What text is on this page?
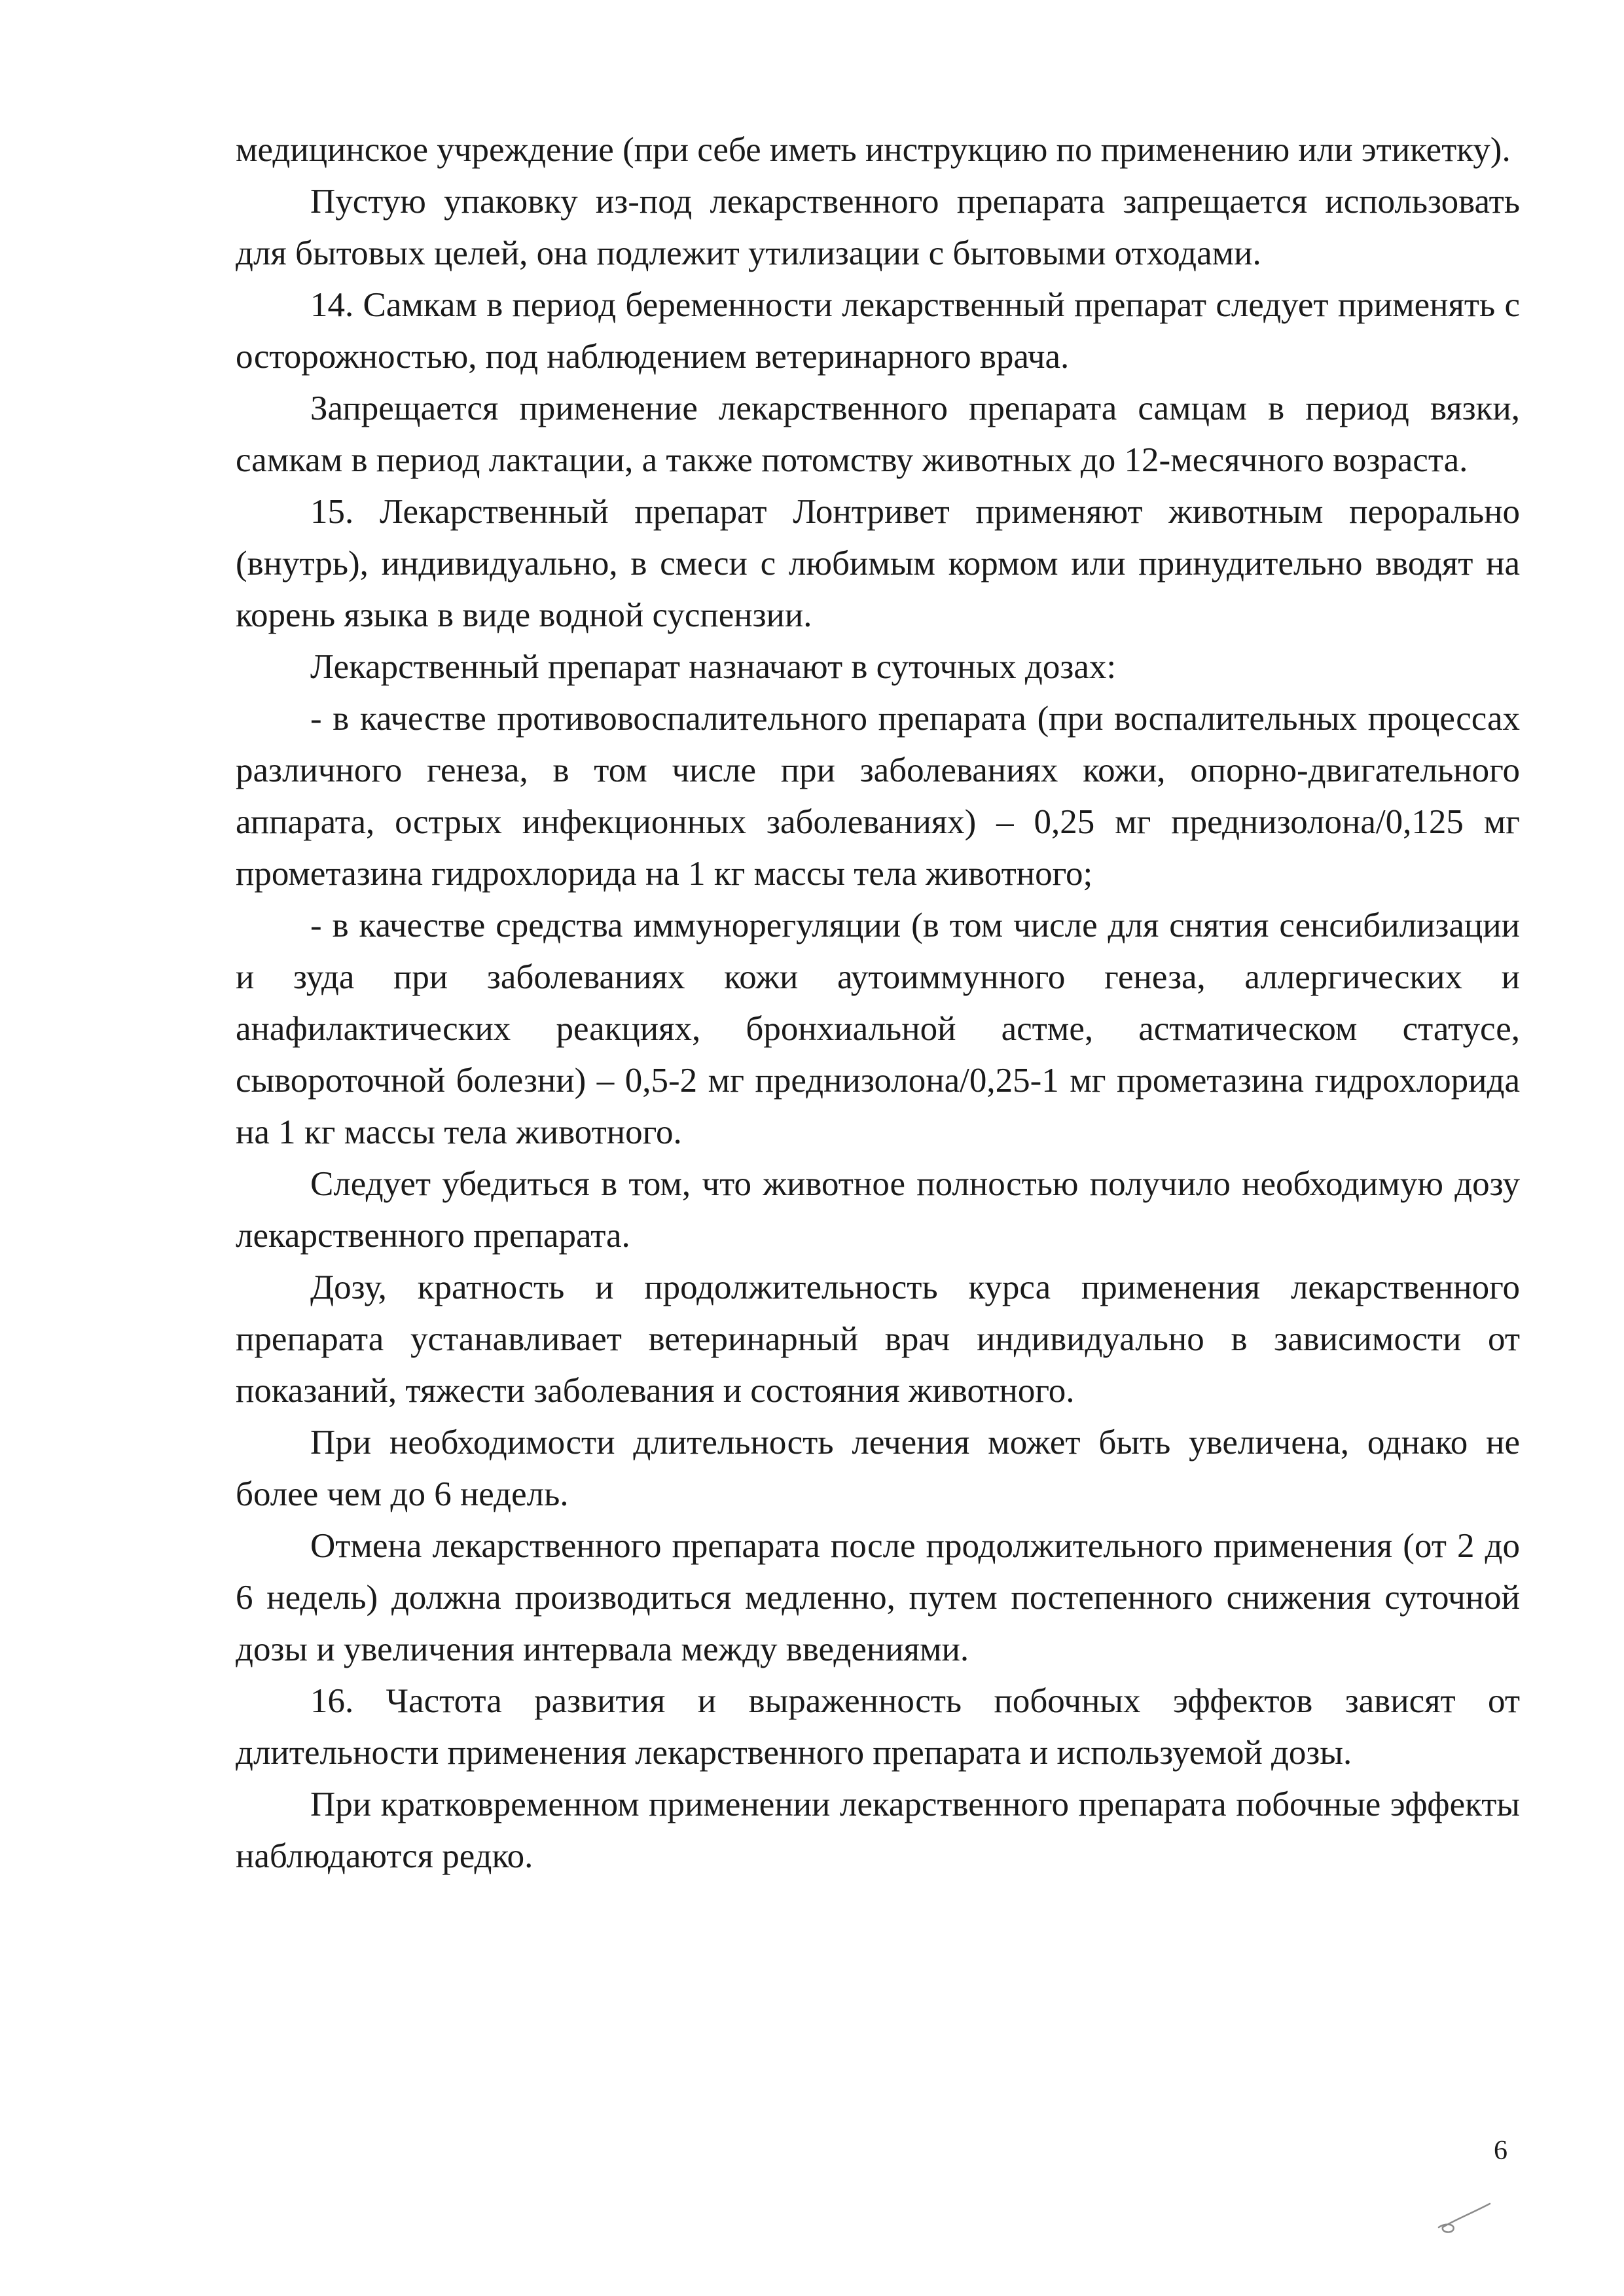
медицинское учреждение (при себе иметь инструкцию по применению или этикетку).

Пустую упаковку из-под лекарственного препарата запрещается использовать для бытовых целей, она подлежит утилизации с бытовыми отходами.

14. Самкам в период беременности лекарственный препарат следует применять с осторожностью, под наблюдением ветеринарного врача.

Запрещается применение лекарственного препарата самцам в период вязки, самкам в период лактации, а также потомству животных до 12-месячного возраста.

15. Лекарственный препарат Лонтривет применяют животным перорально (внутрь), индивидуально, в смеси с любимым кормом или принудительно вводят на корень языка в виде водной суспензии.

Лекарственный препарат назначают в суточных дозах:

- в качестве противовоспалительного препарата (при воспалительных процессах различного генеза, в том числе при заболеваниях кожи, опорно-двигательного аппарата, острых инфекционных заболеваниях) – 0,25 мг преднизолона/0,125 мг прометазина гидрохлорида на 1 кг массы тела животного;

- в качестве средства иммунорегуляции (в том числе для снятия сенсибилизации и зуда при заболеваниях кожи аутоиммунного генеза, аллергических и анафилактических реакциях, бронхиальной астме, астматическом статусе, сывороточной болезни) – 0,5-2 мг преднизолона/0,25-1 мг прометазина гидрохлорида на 1 кг массы тела животного.

Следует убедиться в том, что животное полностью получило необходимую дозу лекарственного препарата.

Дозу, кратность и продолжительность курса применения лекарственного препарата устанавливает ветеринарный врач индивидуально в зависимости от показаний, тяжести заболевания и состояния животного.

При необходимости длительность лечения может быть увеличена, однако не более чем до 6 недель.

Отмена лекарственного препарата после продолжительного применения (от 2 до 6 недель) должна производиться медленно, путем постепенного снижения суточной дозы и увеличения интервала между введениями.

16. Частота развития и выраженность побочных эффектов зависят от длительности применения лекарственного препарата и используемой дозы.

При кратковременном применении лекарственного препарата побочные эффекты наблюдаются редко.

6
